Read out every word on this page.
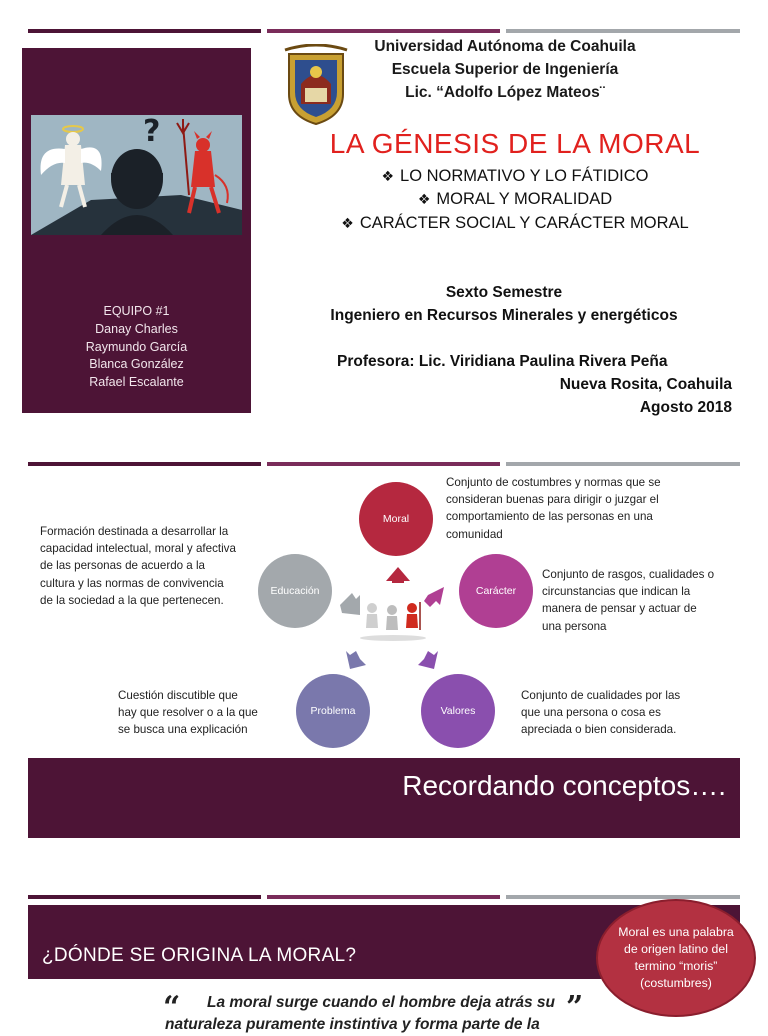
?
EQUIPO #1
Danay Charles
Raymundo García
Blanca González
Rafael Escalante
Universidad Autónoma de Coahuila
Escuela Superior de Ingeniería
Lic. “Adolfo López Mateos¨
LA GÉNESIS DE LA MORAL
❖ LO NORMATIVO Y LO FÁTIDICO
❖ MORAL Y MORALIDAD
❖ CARÁCTER SOCIAL Y CARÁCTER MORAL
Sexto Semestre
Ingeniero en Recursos Minerales y energéticos
Profesora: Lic. Viridiana Paulina Rivera Peña
Nueva Rosita, Coahuila
Agosto 2018
Moral
Carácter
Valores
Problema
Educación
Conjunto de costumbres y normas que se
consideran buenas para dirigir o juzgar el
comportamiento de las personas en una
comunidad
Conjunto de rasgos, cualidades o
circunstancias que indican la
manera de pensar y actuar de
una persona
Conjunto de cualidades por las
que una persona o cosa es
apreciada o bien considerada.
Cuestión discutible que
hay que resolver o a la que
se busca una explicación
Formación destinada a desarrollar la
capacidad intelectual, moral y afectiva
de las personas de acuerdo a la
cultura y las normas de convivencia
de la sociedad a la que pertenecen.
Recordando conceptos….
¿DÓNDE SE ORIGINA LA MORAL?
Moral es una palabra de origen latino del termino “moris” (costumbres)
“	”
La moral surge cuando el hombre deja atrás su naturaleza puramente instintiva y forma parte de la
